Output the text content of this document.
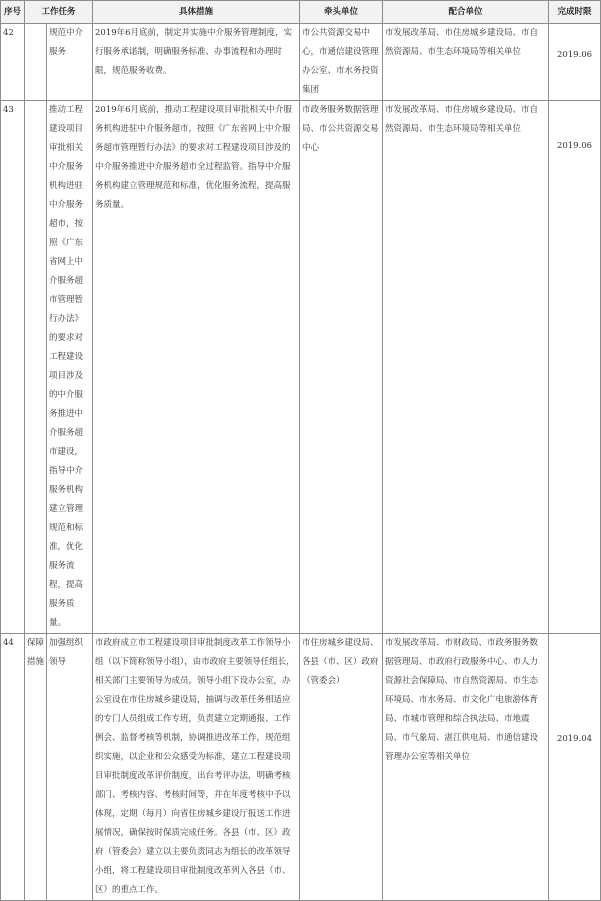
序号	工作任务		具体措施	牵头单位	配合单位	完成时限
42		规范中介服务	2019年6月底前，制定并实施中介服务管理制度，实行服务承诺制，明确服务标准、办事流程和办理时限，规范服务收费。	市公共资源交易中心，市通信建设管理办公室、市水务投资集团	市发展改革局、市住房城乡建设局、市自然资源局、市生态环境局等相关单位	2019.06

43		推动工程建设项目审批相关中介服务机构进驻中介服务超市，按照《广东省网上中介服务超市管理暂行办法》的要求对工程建设项目涉及的中介服务推进中介服务超市建设，指导中介服务机构建立管理规范和标准，优化服务流程，提高服务质量。	2019年6月底前，推动工程建设项目审批相关中介服务机构进驻中介服务超市，按照《广东省网上中介服务超市管理暂行办法》的要求对工程建设项目涉及的中介服务推进中介服务超市全过程监管。指导中介服务机构建立管理规范和标准，优化服务流程，提高服务质量。	市政务服务数据管理局、市公共资源交易中心	市发展改革局、市住房城乡建设局、市自然资源局、市生态环境局等相关单位	2019.06

44	保障措施	加强组织领导	市政府成立市工程建设项目审批制度改革工作领导小组（以下简称领导小组），由市政府主要领导任组长，相关部门主要领导为成员。领导小组下设办公室，办公室设在市住房城乡建设局，抽调与改革任务相适应的专门人员组成工作专班，负责建立定期通报、工作例会、监督考核等机制，协调推进改革工作，规范组织实施，以企业和公众感受为标准，建立工程建设项目审批制度改革评价制度，出台考评办法，明确考核部门、考核内容、考核时间等，并在年度考核中予以体现，定期（每月）向省住房城乡建设厅报送工作进展情况，确保按时保质完成任务。各县（市、区）政府（管委会）建立以主要负责同志为组长的改革领导小组，将工程建设项目审批制度改革列入各县（市、区）的重点工作。	市住房城乡建设局、各县（市、区）政府（管委会）	市发展改革局、市财政局、市政务服务数据管理局、市政府行政服务中心、市人力资源社会保障局、市自然资源局、市生态环境局、市水务局、市文化广电旅游体育局、市城市管理和综合执法局、市地震局、市气象局、湛江供电局、市通信建设管理办公室等相关单位	2019.04
